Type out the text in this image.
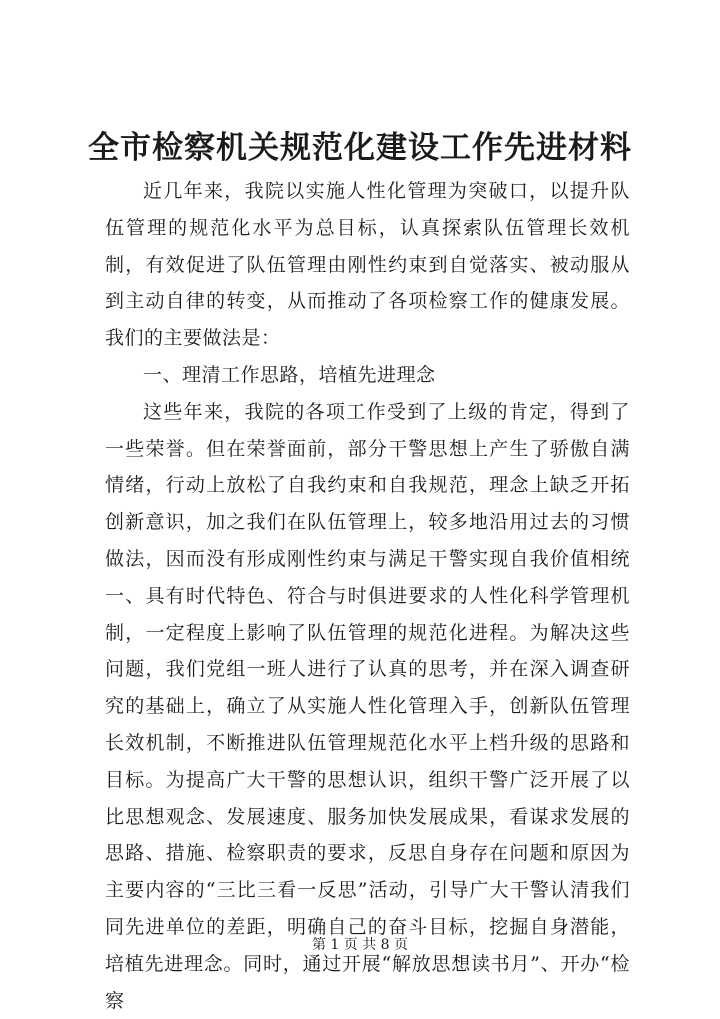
全市检察机关规范化建设工作先进材料

近几年来，我院以实施人性化管理为突破口，以提升队伍管理的规范化水平为总目标，认真探索队伍管理长效机制，有效促进了队伍管理由刚性约束到自觉落实、被动服从到主动自律的转变，从而推动了各项检察工作的健康发展。我们的主要做法是：

一、理清工作思路，培植先进理念

这些年来，我院的各项工作受到了上级的肯定，得到了一些荣誉。但在荣誉面前，部分干警思想上产生了骄傲自满情绪，行动上放松了自我约束和自我规范，理念上缺乏开拓创新意识，加之我们在队伍管理上，较多地沿用过去的习惯做法，因而没有形成刚性约束与满足干警实现自我价值相统一、具有时代特色、符合与时俱进要求的人性化科学管理机制，一定程度上影响了队伍管理的规范化进程。为解决这些问题，我们党组一班人进行了认真的思考，并在深入调查研究的基础上，确立了从实施人性化管理入手，创新队伍管理长效机制，不断推进队伍管理规范化水平上档升级的思路和目标。为提高广大干警的思想认识，组织干警广泛开展了以比思想观念、发展速度、服务加快发展成果，看谋求发展的思路、措施、检察职责的要求，反思自身存在问题和原因为主要内容的“三比三看一反思”活动，引导广大干警认清我们同先进单位的差距，明确自己的奋斗目标，挖掘自身潜能，培植先进理念。同时，通过开展“解放思想读书月”、开办“检察

第 1 页 共 8 页
